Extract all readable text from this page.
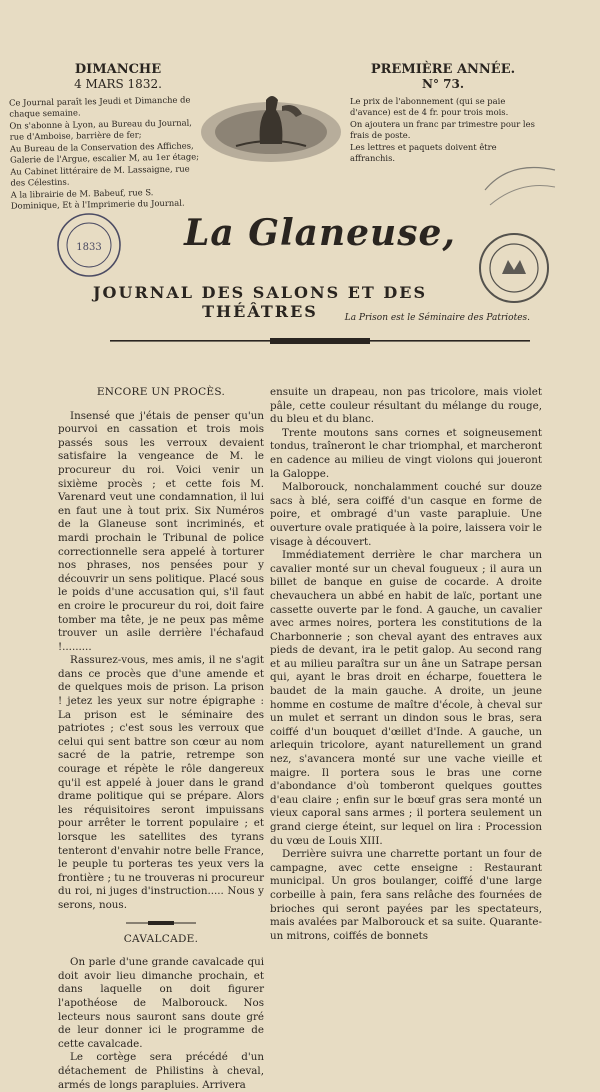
DIMANCHE
4 MARS 1832.
PREMIÈRE ANNÉE.
N° 73.

Ce Journal paraît les Jeudi et Dimanche de chaque semaine.

On s'abonne à Lyon, au Bureau du Journal, rue d'Amboise, barrière de fer;

Au Bureau de la Conservation des Affiches, Galerie de l'Argue, escalier M, au 1er étage;

Au Cabinet littéraire de M. Lassaigne, rue des Célestins.

A la librairie de M. Babeuf, rue S. Dominique, Et à l'Imprimerie du Journal.

Le prix de l'abonnement (qui se paie d'avance) est de 4 fr. pour trois mois.

On ajoutera un franc par trimestre pour les frais de poste.

Les lettres et paquets doivent être affranchis.

1833	La Glaneuse,
JOURNAL DES SALONS ET DES THÉÂTRES	La Prison est le Séminaire des Patriotes.

ENCORE UN PROCÈS.

Insensé que j'étais de penser qu'un pourvoi en cassation et trois mois passés sous les verroux devaient satisfaire la vengeance de M. le procureur du roi. Voici venir un sixième procès ; et cette fois M. Varenard veut une condamnation, il lui en faut une à tout prix. Six Numéros de la Glaneuse sont incriminés, et mardi prochain le Tribunal de police correctionnelle sera appelé à torturer nos phrases, nos pensées pour y découvrir un sens politique. Placé sous le poids d'une accusation qui, s'il faut en croire le procureur du roi, doit faire tomber ma tête, je ne peux pas même trouver un asile derrière l'échafaud !.........

Rassurez-vous, mes amis, il ne s'agit dans ce procès que d'une amende et de quelques mois de prison. La prison ! jetez les yeux sur notre épigraphe : La prison est le séminaire des patriotes ; c'est sous les verroux que celui qui sent battre son cœur au nom sacré de la patrie, retrempe son courage et répète le rôle dangereux qu'il est appelé à jouer dans le grand drame politique qui se prépare. Alors les réquisitoires seront impuissans pour arrêter le torrent populaire ; et lorsque les satellites des tyrans tenteront d'envahir notre belle France, le peuple tu porteras tes yeux vers la frontière ; tu ne trouveras ni procureur du roi, ni juges d'instruction..... Nous y serons, nous.

CAVALCADE.

On parle d'une grande cavalcade qui doit avoir lieu dimanche prochain, et dans laquelle on doit figurer l'apothéose de Malborouck. Nos lecteurs nous sauront sans doute gré de leur donner ici le programme de cette cavalcade.

Le cortège sera précédé d'un détachement de Philistins à cheval, armés de longs parapluies. Arrivera

ensuite un drapeau, non pas tricolore, mais violet pâle, cette couleur résultant du mélange du rouge, du bleu et du blanc.

Trente moutons sans cornes et soigneusement tondus, traîneront le char triomphal, et marcheront en cadence au milieu de vingt violons qui joueront la Galoppe.

Malborouck, nonchalamment couché sur douze sacs à blé, sera coiffé d'un casque en forme de poire, et ombragé d'un vaste parapluie. Une ouverture ovale pratiquée à la poire, laissera voir le visage à découvert.

Immédiatement derrière le char marchera un cavalier monté sur un cheval fougueux ; il aura un billet de banque en guise de cocarde. A droite chevauchera un abbé en habit de laïc, portant une cassette ouverte par le fond. A gauche, un cavalier avec armes noires, portera les constitutions de la Charbonnerie ; son cheval ayant des entraves aux pieds de devant, ira le petit galop. Au second rang et au milieu paraîtra sur un âne un Satrape persan qui, ayant le bras droit en écharpe, fouettera le baudet de la main gauche. A droite, un jeune homme en costume de maître d'école, à cheval sur un mulet et serrant un dindon sous le bras, sera coiffé d'un bouquet d'œillet d'Inde. A gauche, un arlequin tricolore, ayant naturellement un grand nez, s'avancera monté sur une vache vieille et maigre. Il portera sous le bras une corne d'abondance d'où tomberont quelques gouttes d'eau claire ; enfin sur le bœuf gras sera monté un vieux caporal sans armes ; il portera seulement un grand cierge éteint, sur lequel on lira : Procession du vœu de Louis XIII.

Derrière suivra une charrette portant un four de campagne, avec cette enseigne : Restaurant municipal. Un gros boulanger, coiffé d'une large corbeille à pain, fera sans relâche des fournées de brioches qui seront payées par les spectateurs, mais avalées par Malborouck et sa suite. Quarante-un mitrons, coiffés de bonnets
